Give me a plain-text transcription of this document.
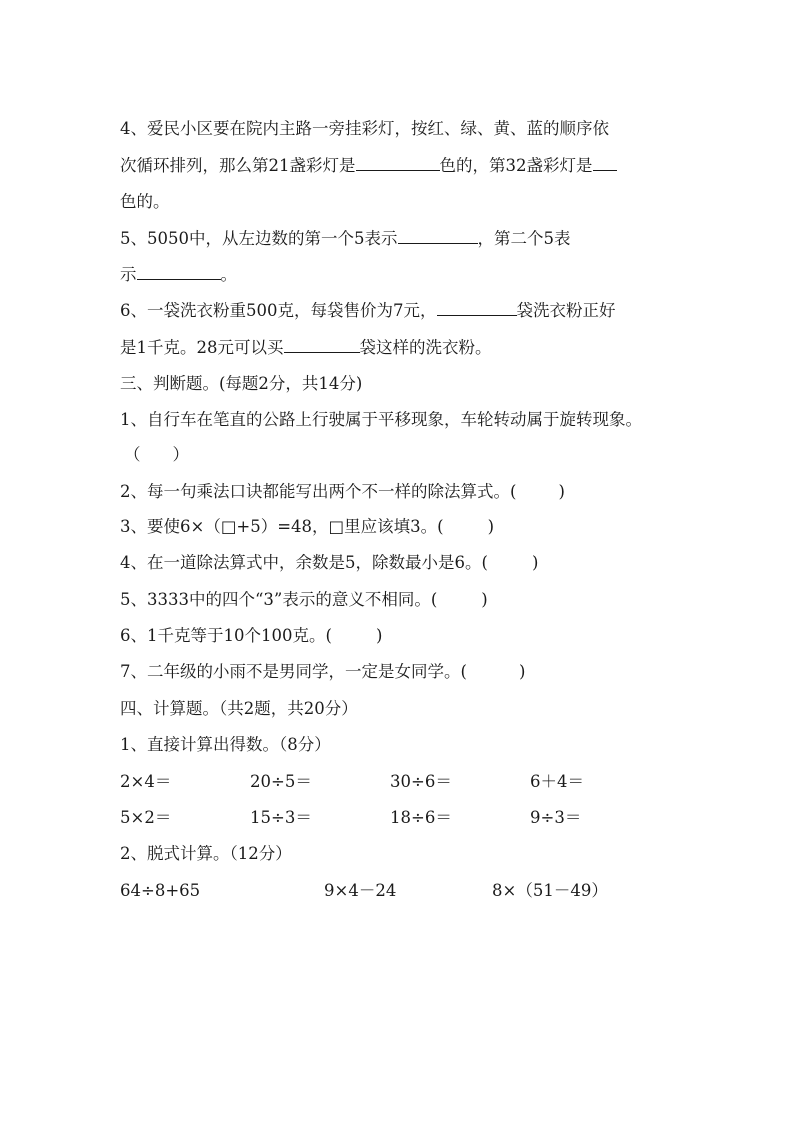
4、爱民小区要在院内主路一旁挂彩灯，按红、绿、黄、蓝的顺序依
次循环排列，那么第21盏彩灯是	色的，第32盏彩灯是
色的。
5、5050中，从左边数的第一个5表示	，第二个5表
示	。
6、一袋洗衣粉重500克，每袋售价为7元，	袋洗衣粉正好
是1千克。28元可以买	袋这样的洗衣粉。
三、判断题。(每题2分，共14分)
1、自行车在笔直的公路上行驶属于平移现象，车轮转动属于旋转现象。
（ ）
2、每一句乘法口诀都能写出两个不一样的除法算式。(	)
3、要使6×（□+5）=48，□里应该填3。(	)
4、在一道除法算式中，余数是5，除数最小是6。(	)
5、3333中的四个“3”表示的意义不相同。(	)
6、1千克等于10个100克。(	)
7、二年级的小雨不是男同学，一定是女同学。(	)
四、计算题。（共2题，共20分）
1、直接计算出得数。（8分）
2×4＝	20÷5＝	30÷6＝	6＋4＝
5×2＝	15÷3＝	18÷6＝	9÷3＝
2、脱式计算。（12分）
64÷8+65	9×4－24	8×（51－49）
